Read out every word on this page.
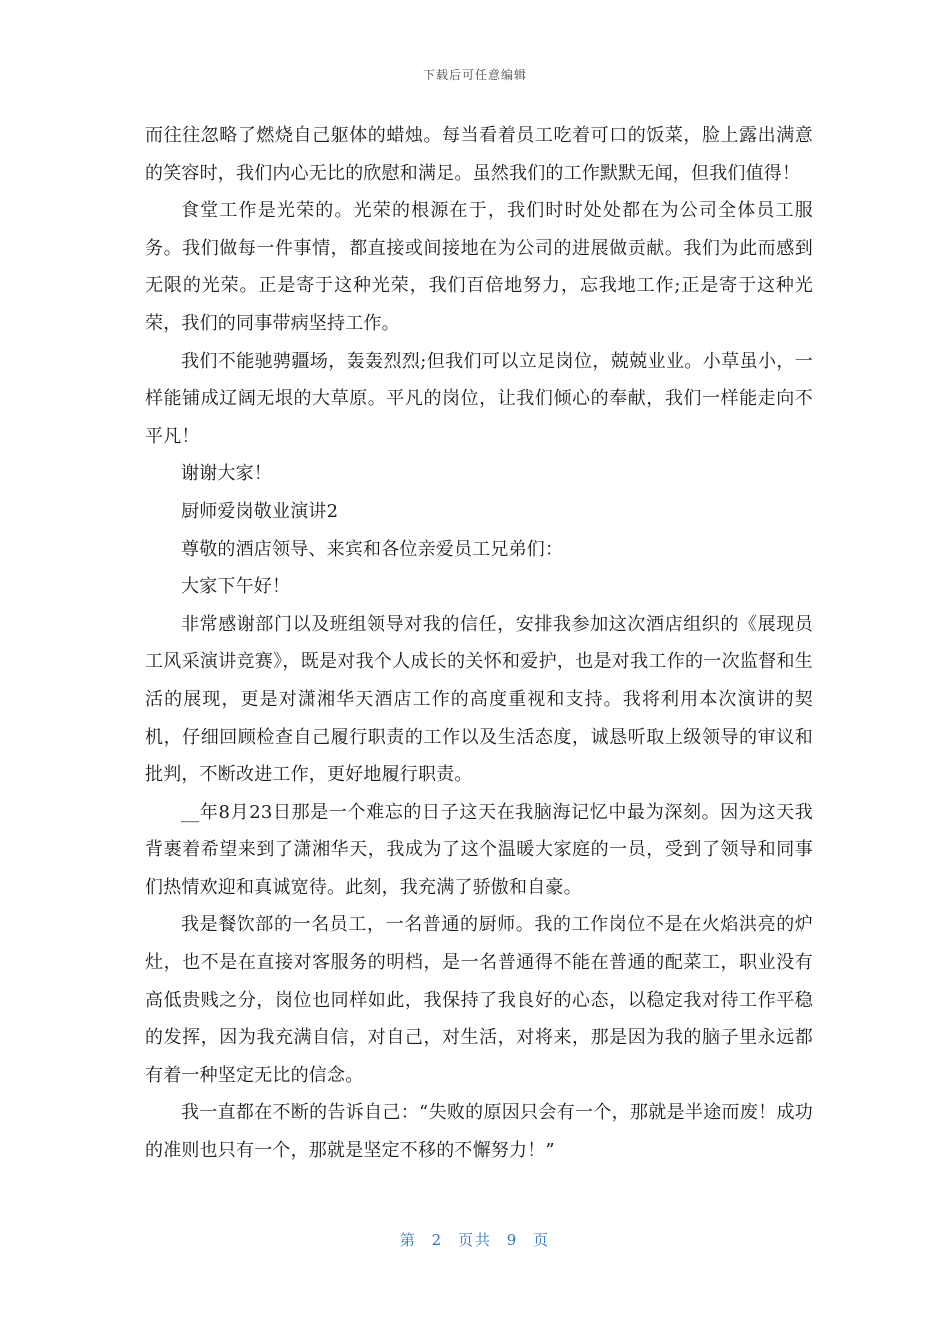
下载后可任意编辑

而往往忽略了燃烧自己躯体的蜡烛。每当看着员工吃着可口的饭菜，脸上露出满意的笑容时，我们内心无比的欣慰和满足。虽然我们的工作默默无闻，但我们值得！

食堂工作是光荣的。光荣的根源在于，我们时时处处都在为公司全体员工服务。我们做每一件事情，都直接或间接地在为公司的进展做贡献。我们为此而感到无限的光荣。正是寄于这种光荣，我们百倍地努力，忘我地工作;正是寄于这种光荣，我们的同事带病坚持工作。

我们不能驰骋疆场，轰轰烈烈;但我们可以立足岗位，兢兢业业。小草虽小，一样能铺成辽阔无垠的大草原。平凡的岗位，让我们倾心的奉献，我们一样能走向不平凡！

谢谢大家！

厨师爱岗敬业演讲2

尊敬的酒店领导、来宾和各位亲爱员工兄弟们：

大家下午好！

非常感谢部门以及班组领导对我的信任，安排我参加这次酒店组织的《展现员工风采演讲竞赛》，既是对我个人成长的关怀和爱护，也是对我工作的一次监督和生活的展现，更是对潇湘华天酒店工作的高度重视和支持。我将利用本次演讲的契机，仔细回顾检查自己履行职责的工作以及生活态度，诚恳听取上级领导的审议和批判，不断改进工作，更好地履行职责。

__年8月23日那是一个难忘的日子这天在我脑海记忆中最为深刻。因为这天我背裹着希望来到了潇湘华天，我成为了这个温暖大家庭的一员，受到了领导和同事们热情欢迎和真诚宽待。此刻，我充满了骄傲和自豪。

我是餐饮部的一名员工，一名普通的厨师。我的工作岗位不是在火焰洪亮的炉灶，也不是在直接对客服务的明档，是一名普通得不能在普通的配菜工，职业没有高低贵贱之分，岗位也同样如此，我保持了我良好的心态，以稳定我对待工作平稳的发挥，因为我充满自信，对自己，对生活，对将来，那是因为我的脑子里永远都有着一种坚定无比的信念。

我一直都在不断的告诉自己：“失败的原因只会有一个，那就是半途而废！成功的准则也只有一个，那就是坚定不移的不懈努力！”

第 2 页共 9 页
